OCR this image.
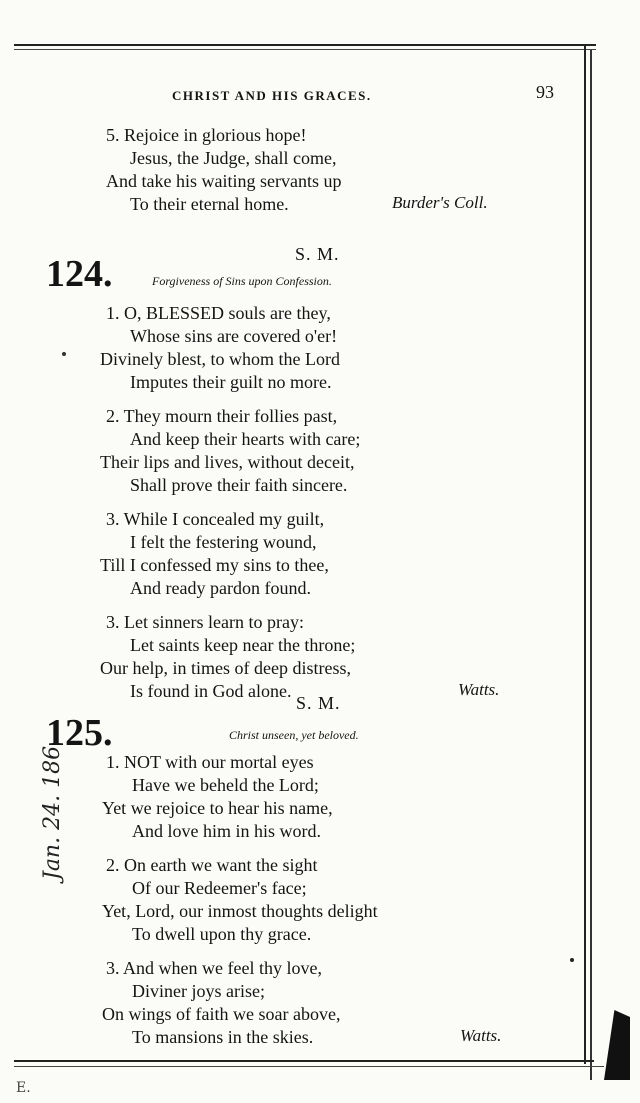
CHRIST AND HIS GRACES.	93
5. Rejoice in glorious hope!
Jesus, the Judge, shall come,
And take his waiting servants up
To their eternal home.	Burder's Coll.
S. M.
124.	Forgiveness of Sins upon Confession.
1. O, BLESSED souls are they,
Whose sins are covered o'er!
Divinely blest, to whom the Lord
Imputes their guilt no more.
2. They mourn their follies past,
And keep their hearts with care;
Their lips and lives, without deceit,
Shall prove their faith sincere.
3. While I concealed my guilt,
I felt the festering wound,
Till I confessed my sins to thee,
And ready pardon found.
3. Let sinners learn to pray:
Let saints keep near the throne;
Our help, in times of deep distress,
Is found in God alone.	Watts.
S. M.
125.	Christ unseen, yet beloved.
1. NOT with our mortal eyes
Have we beheld the Lord;
Yet we rejoice to hear his name,
And love him in his word.
2. On earth we want the sight
Of our Redeemer's face;
Yet, Lord, our inmost thoughts delight
To dwell upon thy grace.
3. And when we feel thy love,
Diviner joys arise;
On wings of faith we soar above,
To mansions in the skies.	Watts.
Jan. 24. 186
E.
